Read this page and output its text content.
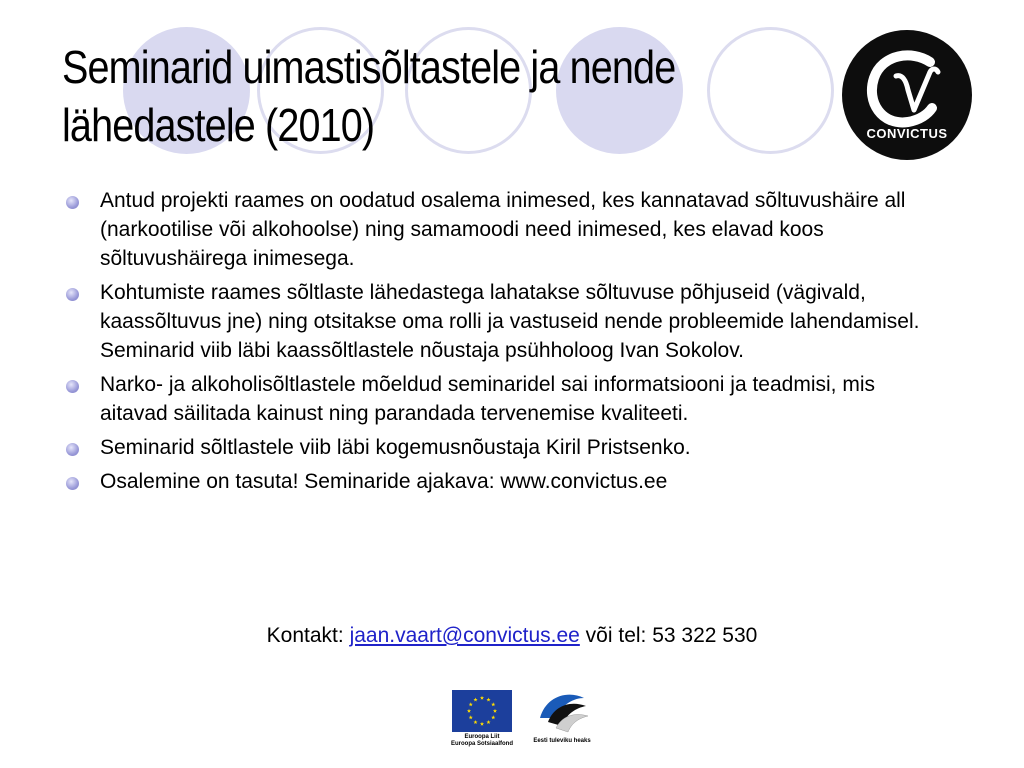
Seminarid uimastisõltastele ja nende
lähedastele (2010)	CONVICTUS
Antud projekti raames on oodatud osalema inimesed, kes kannatavad sõltuvushäire all (narkootilise või alkohoolse) ning samamoodi need inimesed, kes elavad koos sõltuvushäirega inimesega.
Kohtumiste raames sõltlaste lähedastega lahatakse sõltuvuse põhjuseid (vägivald, kaassõltuvus jne) ning otsitakse oma rolli ja vastuseid nende probleemide lahendamisel. Seminarid viib läbi kaassõltlastele nõustaja psühholoog Ivan Sokolov.
Narko- ja alkoholisõltlastele mõeldud seminaridel sai informatsiooni ja teadmisi, mis aitavad säilitada kainust ning parandada tervenemise kvaliteeti.
Seminarid sõltlastele viib läbi kogemusnõustaja Kiril Pristsenko.
Osalemine on tasuta! Seminaride ajakava: www.convictus.ee
Kontakt: jaan.vaart@convictus.ee või tel: 53 322 530
Euroopa Liit
Euroopa Sotsiaalfond	Eesti tuleviku heaks
